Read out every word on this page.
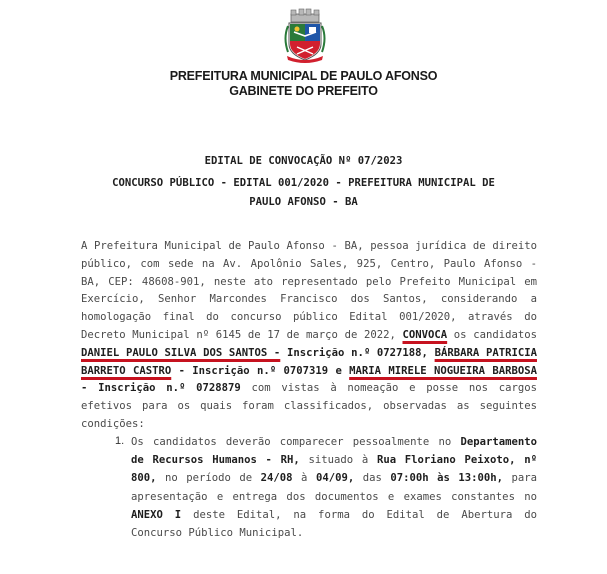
PREFEITURA MUNICIPAL DE PAULO AFONSO
GABINETE DO PREFEITO
EDITAL DE CONVOCAÇÃO Nº 07/2023
CONCURSO PÚBLICO - EDITAL 001/2020 - PREFEITURA MUNICIPAL DE
PAULO AFONSO - BA
A Prefeitura Municipal de Paulo Afonso - BA, pessoa jurídica de direito público, com sede na Av. Apolônio Sales, 925, Centro, Paulo Afonso - BA, CEP: 48608-901, neste ato representado pelo Prefeito Municipal em Exercício, Senhor Marcondes Francisco dos Santos, considerando a homologação final do concurso público Edital 001/2020, através do Decreto Municipal nº 6145 de 17 de março de 2022, CONVOCA os candidatos DANIEL PAULO SILVA DOS SANTOS - Inscrição n.º 0727188, BÁRBARA PATRICIA BARRETO CASTRO - Inscrição n.º 0707319 e MARIA MIRELE NOGUEIRA BARBOSA - Inscrição n.º 0728879 com vistas à nomeação e posse nos cargos efetivos para os quais foram classificados, observadas as seguintes condições:
1. Os candidatos deverão comparecer pessoalmente no Departamento de Recursos Humanos - RH, situado à Rua Floriano Peixoto, nº 800, no período de 24/08 à 04/09, das 07:00h às 13:00h, para apresentação e entrega dos documentos e exames constantes no ANEXO I deste Edital, na forma do Edital de Abertura do Concurso Público Municipal.
